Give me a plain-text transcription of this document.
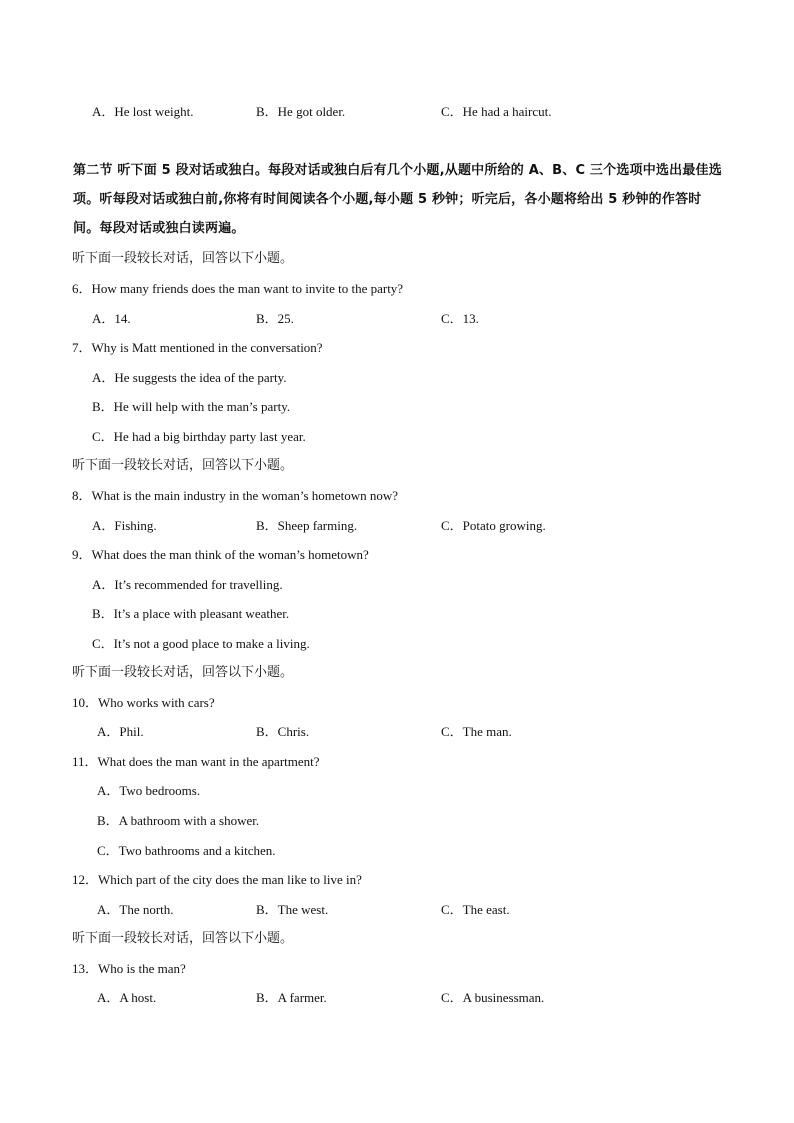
A．He lost weight.	B．He got older.	C．He had a haircut.
第二节 听下面 5 段对话或独白。每段对话或独白后有几个小题,从题中所给的 A、B、C 三个选项中选出最佳选项。听每段对话或独白前,你将有时间阅读各个小题,每小题 5 秒钟；听完后，各小题将给出 5 秒钟的作答时间。每段对话或独白读两遍。
听下面一段较长对话，回答以下小题。
6．How many friends does the man want to invite to the party?
A．14.	B．25.	C．13.
7．Why is Matt mentioned in the conversation?
A．He suggests the idea of the party.
B．He will help with the man’s party.
C．He had a big birthday party last year.
听下面一段较长对话，回答以下小题。
8．What is the main industry in the woman’s hometown now?
A．Fishing.	B．Sheep farming.	C．Potato growing.
9．What does the man think of the woman’s hometown?
A．It’s recommended for travelling.
B．It’s a place with pleasant weather.
C．It’s not a good place to make a living.
听下面一段较长对话，回答以下小题。
10．Who works with cars?
A．Phil.	B．Chris.	C．The man.
11．What does the man want in the apartment?
A．Two bedrooms.
B．A bathroom with a shower.
C．Two bathrooms and a kitchen.
12．Which part of the city does the man like to live in?
A．The north.	B．The west.	C．The east.
听下面一段较长对话，回答以下小题。
13．Who is the man?
A．A host.	B．A farmer.	C．A businessman.
